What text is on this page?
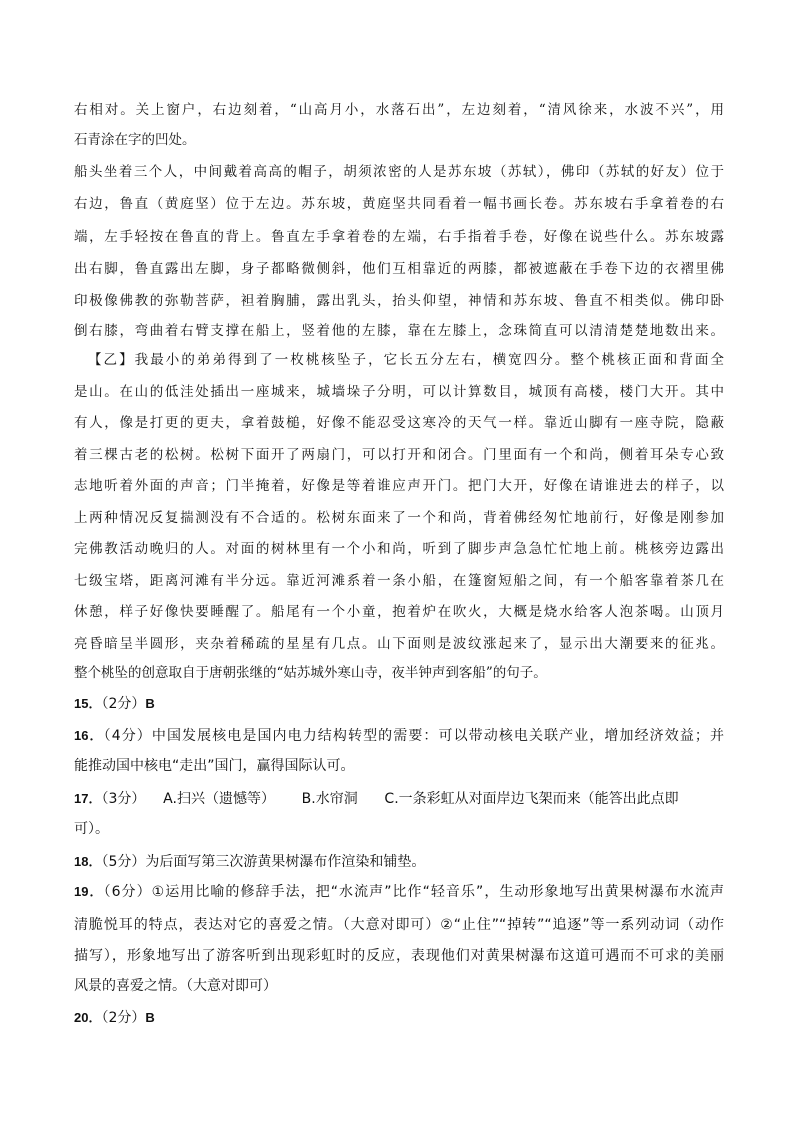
右相对。关上窗户，右边刻着，“山高月小，水落石出”，左边刻着，“清风徐来，水波不兴”，用

石青涂在字的凹处。

船头坐着三个人，中间戴着高高的帽子，胡须浓密的人是苏东坡（苏轼），佛印（苏轼的好友）位于

右边，鲁直（黄庭坚）位于左边。苏东坡，黄庭坚共同看着一幅书画长卷。苏东坡右手拿着卷的右

端，左手轻按在鲁直的背上。鲁直左手拿着卷的左端，右手指着手卷，好像在说些什么。苏东坡露

出右脚，鲁直露出左脚，身子都略微侧斜，他们互相靠近的两膝，都被遮蔽在手卷下边的衣褶里佛

印极像佛教的弥勒菩萨，袒着胸脯，露出乳头，抬头仰望，神情和苏东坡、鲁直不相类似。佛印卧

倒右膝，弯曲着右臂支撑在船上，竖着他的左膝，靠在左膝上，念珠简直可以清清楚楚地数出来。

【乙】我最小的弟弟得到了一枚桃核坠子，它长五分左右，横宽四分。整个桃核正面和背面全

是山。在山的低洼处插出一座城来，城墙垛子分明，可以计算数目，城顶有高楼，楼门大开。其中

有人，像是打更的更夫，拿着鼓槌，好像不能忍受这寒冷的天气一样。靠近山脚有一座寺院，隐蔽

着三棵古老的松树。松树下面开了两扇门，可以打开和闭合。门里面有一个和尚，侧着耳朵专心致

志地听着外面的声音；门半掩着，好像是等着谁应声开门。把门大开，好像在请谁进去的样子，以

上两种情况反复揣测没有不合适的。松树东面来了一个和尚，背着佛经匆忙地前行，好像是刚参加

完佛教活动晚归的人。对面的树林里有一个小和尚，听到了脚步声急急忙忙地上前。桃核旁边露出

七级宝塔，距离河滩有半分远。靠近河滩系着一条小船，在篷窗短船之间，有一个船客靠着茶几在

休憩，样子好像快要睡醒了。船尾有一个小童，抱着炉在吹火，大概是烧水给客人泡茶喝。山顶月

亮昏暗呈半圆形，夹杂着稀疏的星星有几点。山下面则是波纹涨起来了，显示出大潮要来的征兆。

整个桃坠的创意取自于唐朝张继的“姑苏城外寒山寺，夜半钟声到客船”的句子。

15．（2分）B

16．（4分）中国发展核电是国内电力结构转型的需要：可以带动核电关联产业，增加经济效益；并

能推动国中核电“走出”国门，赢得国际认可。

17．（3分）    A.扫兴（遗憾等）      B.水帘洞      C.一条彩虹从对面岸边飞架而来（能答出此点即

可）。

18．（5分）为后面写第三次游黄果树瀑布作渲染和铺垫。

19．（6分）①运用比喻的修辞手法，把“水流声”比作“轻音乐”，生动形象地写出黄果树瀑布水流声

清脆悦耳的特点，表达对它的喜爱之情。（大意对即可）②“止住”“掉转”“追逐”等一系列动词（动作

描写），形象地写出了游客听到出现彩虹时的反应，表现他们对黄果树瀑布这道可遇而不可求的美丽

风景的喜爱之情。（大意对即可）

20．（2分）B
